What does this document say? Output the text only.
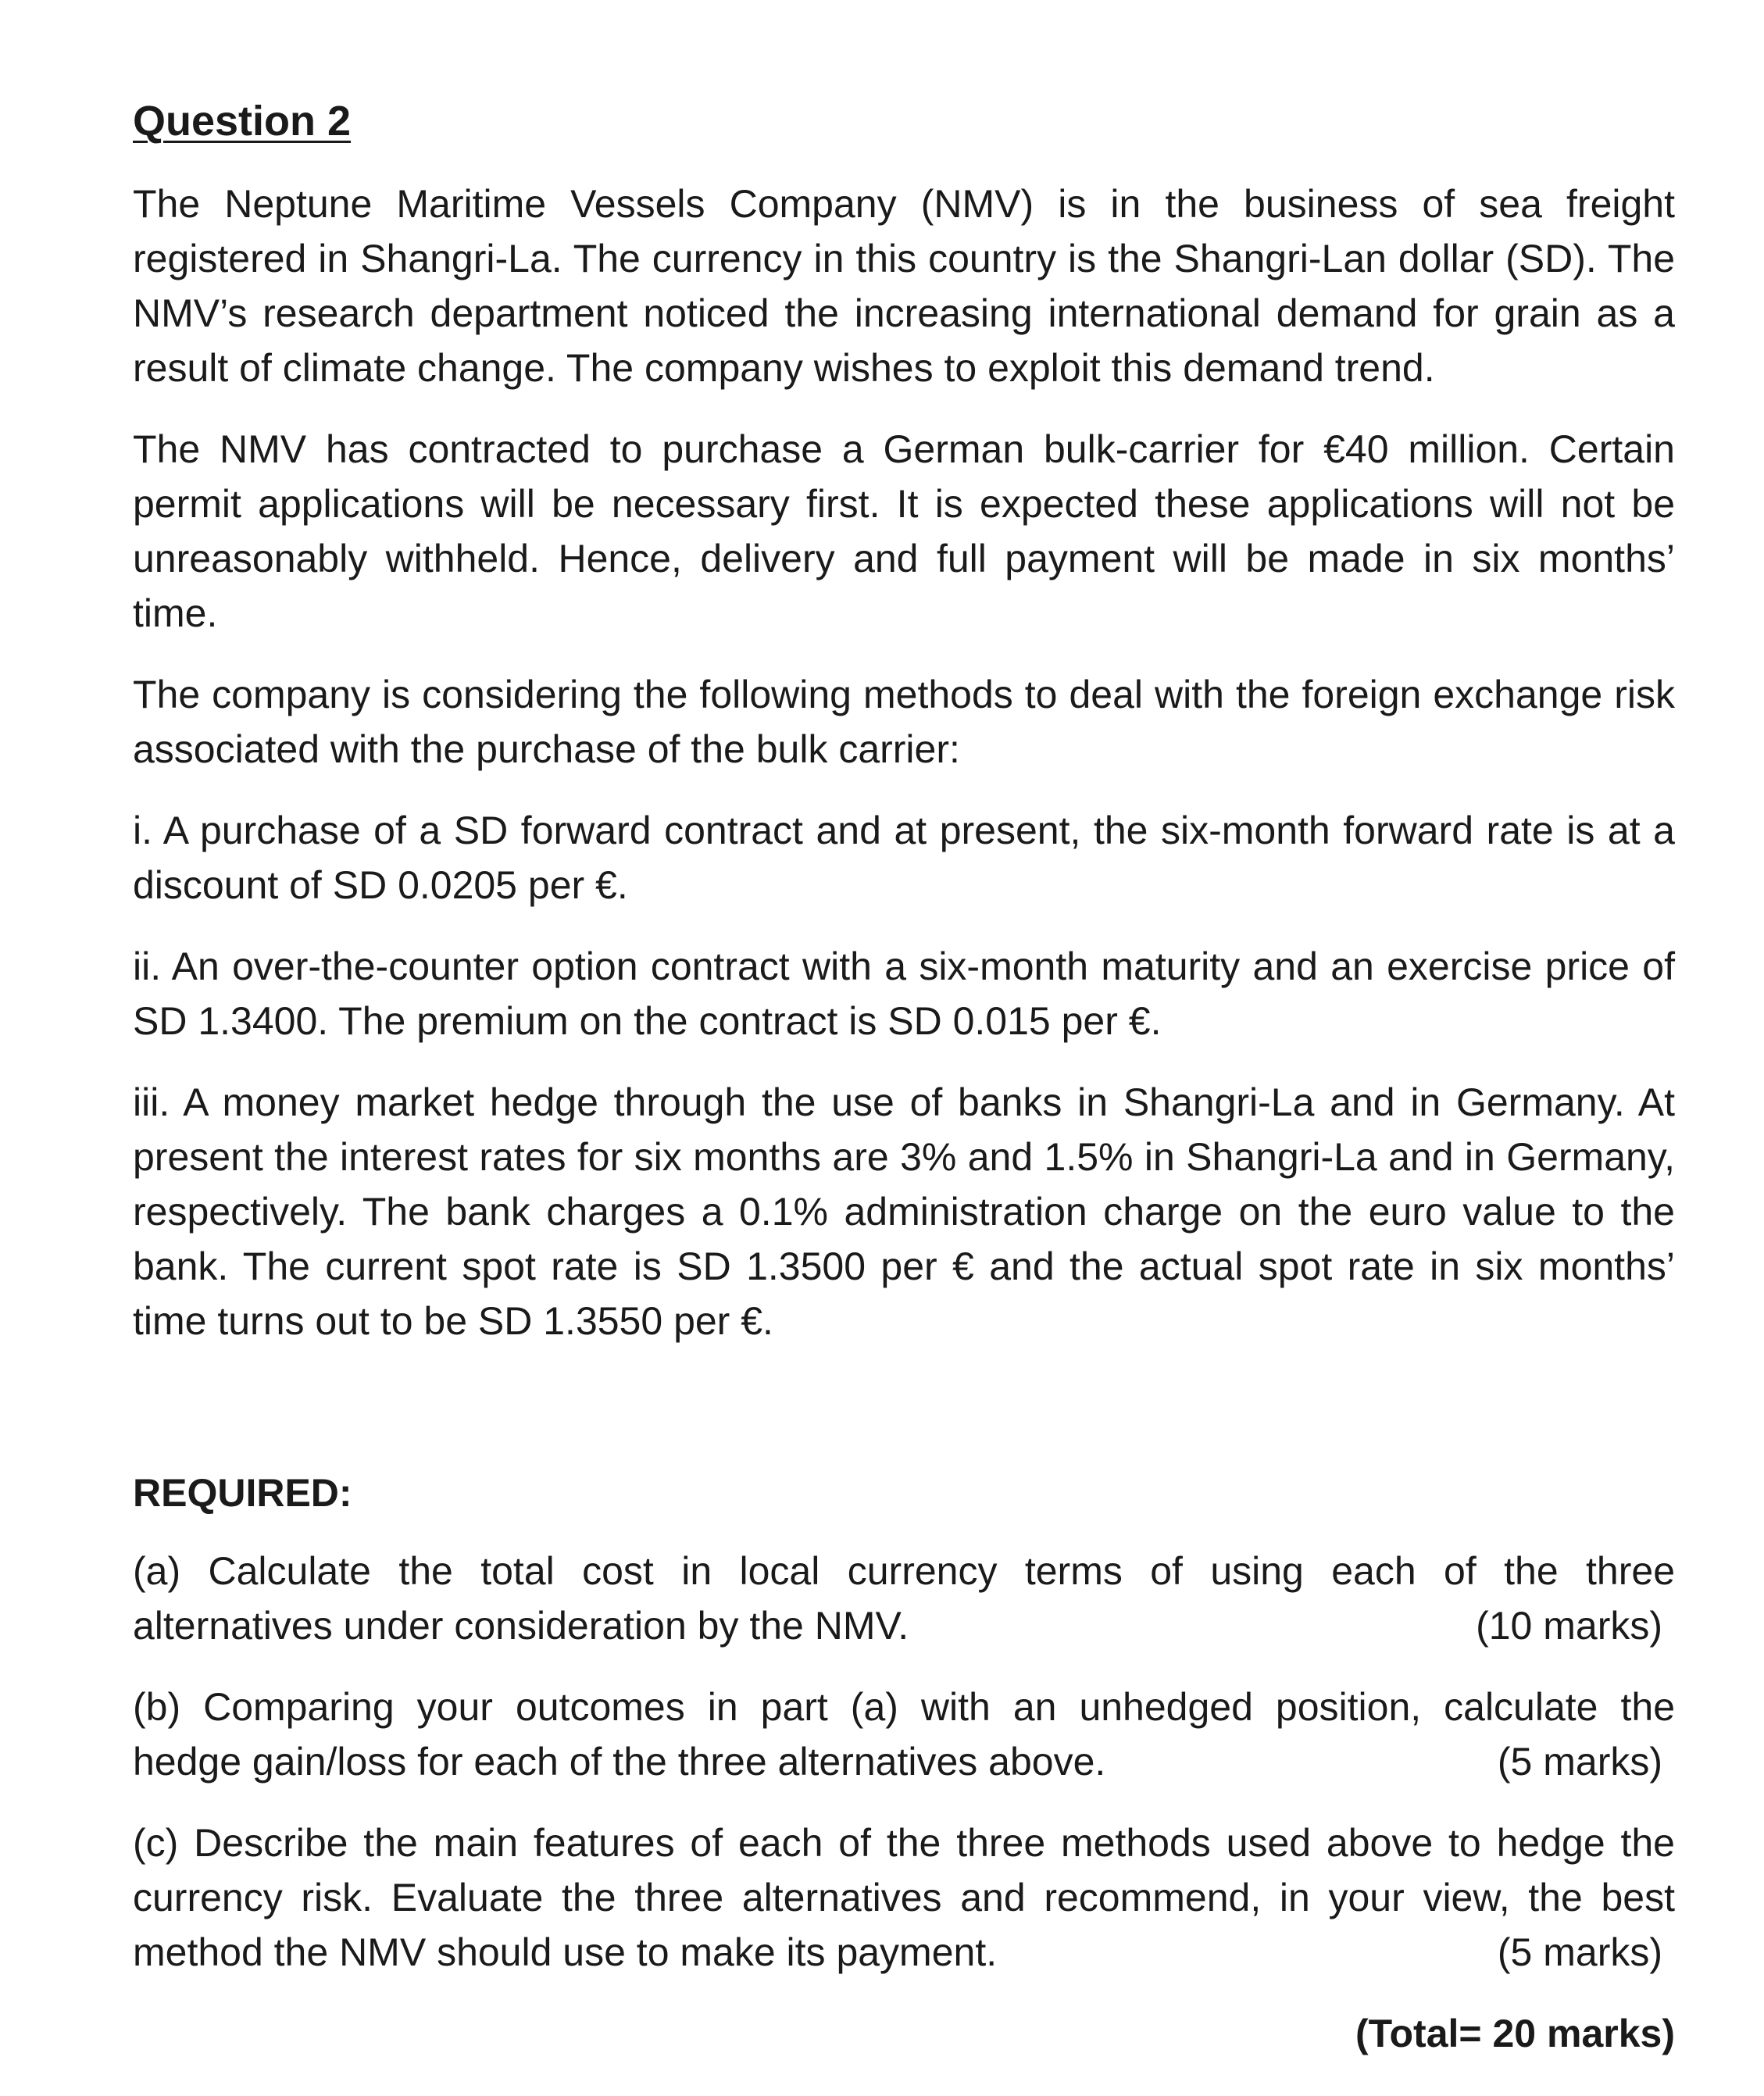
Question 2

The Neptune Maritime Vessels Company (NMV) is in the business of sea freight registered in Shangri-La. The currency in this country is the Shangri-Lan dollar (SD). The NMV’s research department noticed the increasing international demand for grain as a result of climate change. The company wishes to exploit this demand trend.

The NMV has contracted to purchase a German bulk-carrier for €40 million. Certain permit applications will be necessary first. It is expected these applications will not be unreasonably withheld. Hence, delivery and full payment will be made in six months’ time.

The company is considering the following methods to deal with the foreign exchange risk associated with the purchase of the bulk carrier:

i. A purchase of a SD forward contract and at present, the six-month forward rate is at a discount of SD 0.0205 per €.

ii. An over-the-counter option contract with a six-month maturity and an exercise price of SD 1.3400. The premium on the contract is SD 0.015 per €.

iii. A money market hedge through the use of banks in Shangri-La and in Germany. At present the interest rates for six months are 3% and 1.5% in Shangri-La and in Germany, respectively. The bank charges a 0.1% administration charge on the euro value to the bank. The current spot rate is SD 1.3500 per € and the actual spot rate in six months’ time turns out to be SD 1.3550 per €.

REQUIRED:
(a) Calculate the total cost in local currency terms of using each of the three
alternatives under consideration by the NMV.	(10 marks)
(b) Comparing your outcomes in part (a) with an unhedged position, calculate the
hedge gain/loss for each of the three alternatives above.	(5 marks)
(c) Describe the main features of each of the three methods used above to hedge the currency risk. Evaluate the three alternatives and recommend, in your view, the best
method the NMV should use to make its payment.	(5 marks)
(Total= 20 marks)
